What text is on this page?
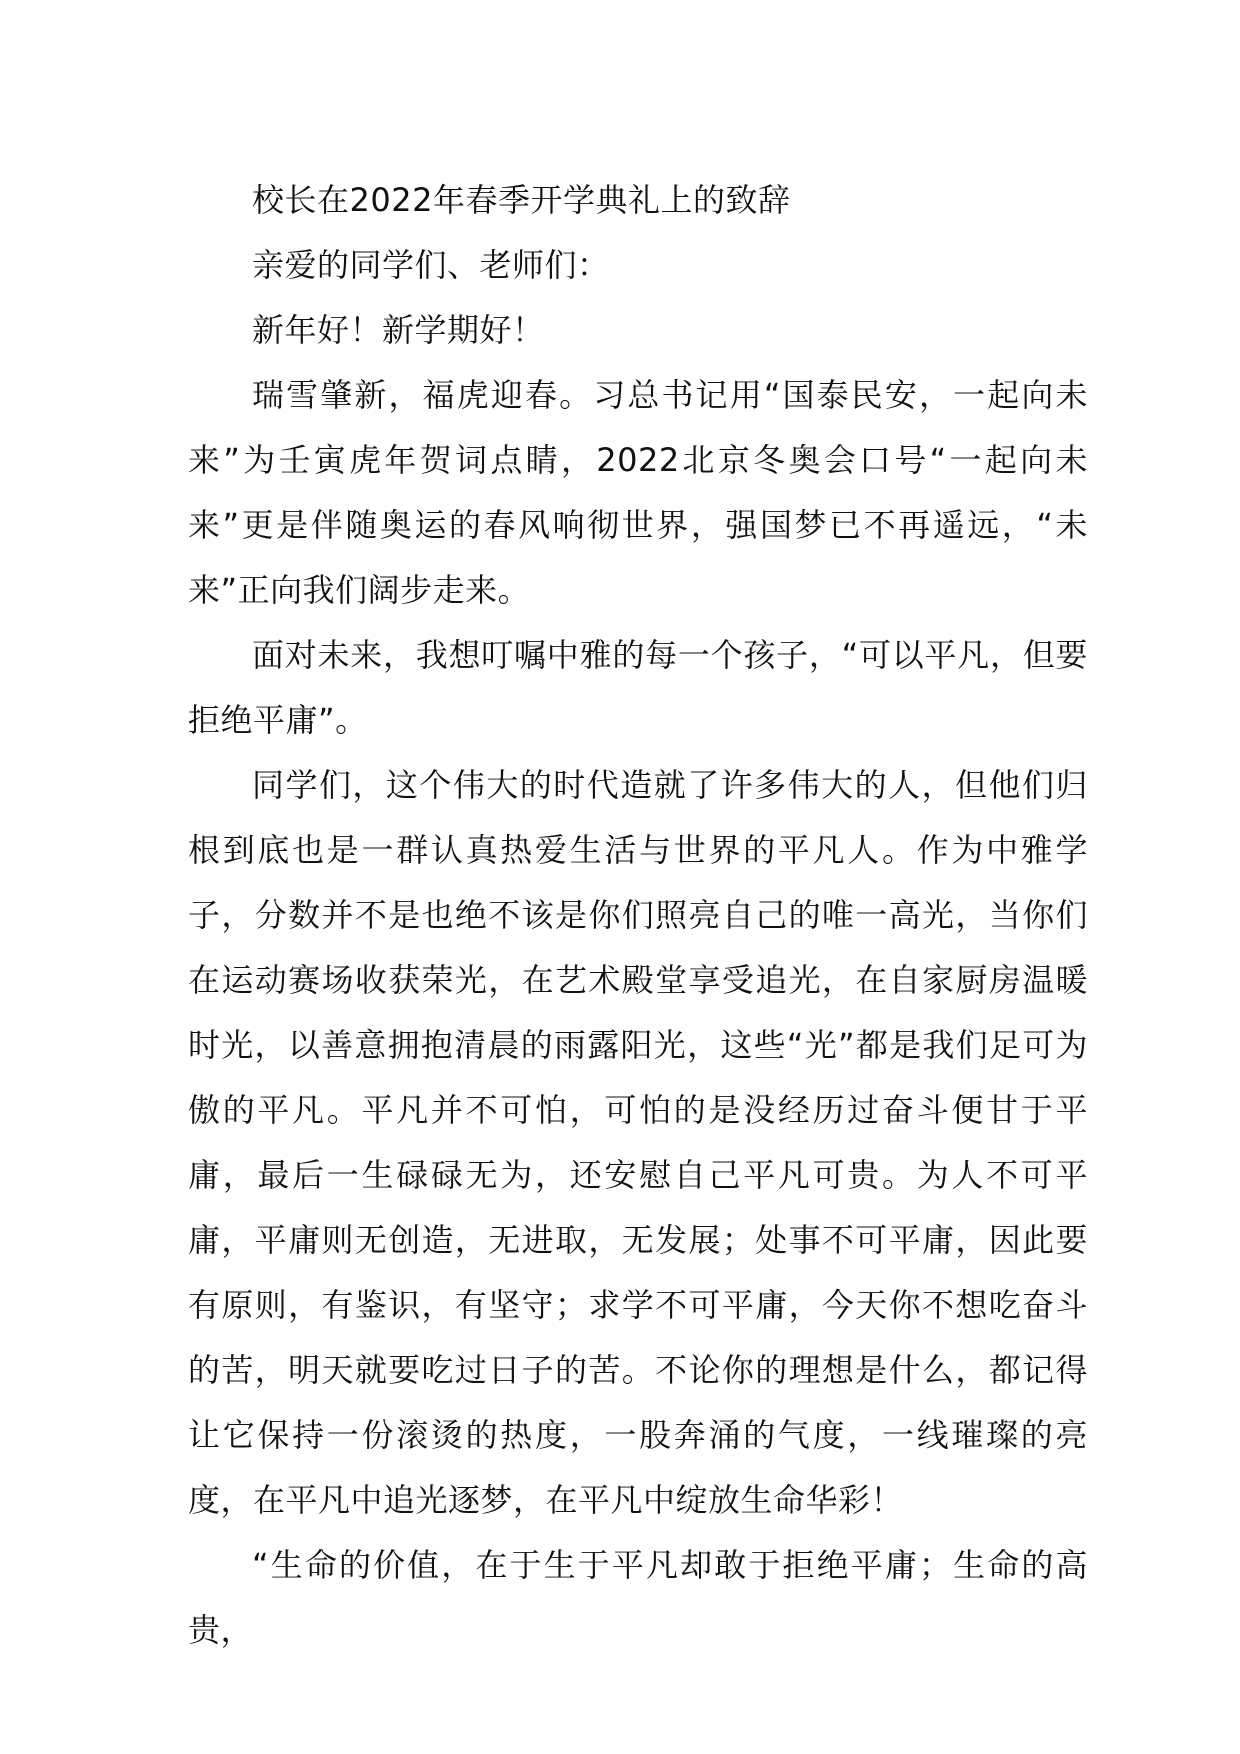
校长在2022年春季开学典礼上的致辞

亲爱的同学们、老师们：

新年好！新学期好！

瑞雪肇新，福虎迎春。习总书记用“国泰民安，一起向未来”为壬寅虎年贺词点睛，2022北京冬奥会口号“一起向未来”更是伴随奥运的春风响彻世界，强国梦已不再遥远，“未来”正向我们阔步走来。

面对未来，我想叮嘱中雅的每一个孩子，“可以平凡，但要拒绝平庸”。

同学们，这个伟大的时代造就了许多伟大的人，但他们归根到底也是一群认真热爱生活与世界的平凡人。作为中雅学子，分数并不是也绝不该是你们照亮自己的唯一高光，当你们在运动赛场收获荣光，在艺术殿堂享受追光，在自家厨房温暖时光，以善意拥抱清晨的雨露阳光，这些“光”都是我们足可为傲的平凡。平凡并不可怕，可怕的是没经历过奋斗便甘于平庸，最后一生碌碌无为，还安慰自己平凡可贵。为人不可平庸，平庸则无创造，无进取，无发展；处事不可平庸，因此要有原则，有鉴识，有坚守；求学不可平庸，今天你不想吃奋斗的苦，明天就要吃过日子的苦。不论你的理想是什么，都记得让它保持一份滚烫的热度，一股奔涌的气度，一线璀璨的亮度，在平凡中追光逐梦，在平凡中绽放生命华彩！

“生命的价值，在于生于平凡却敢于拒绝平庸；生命的高贵，
